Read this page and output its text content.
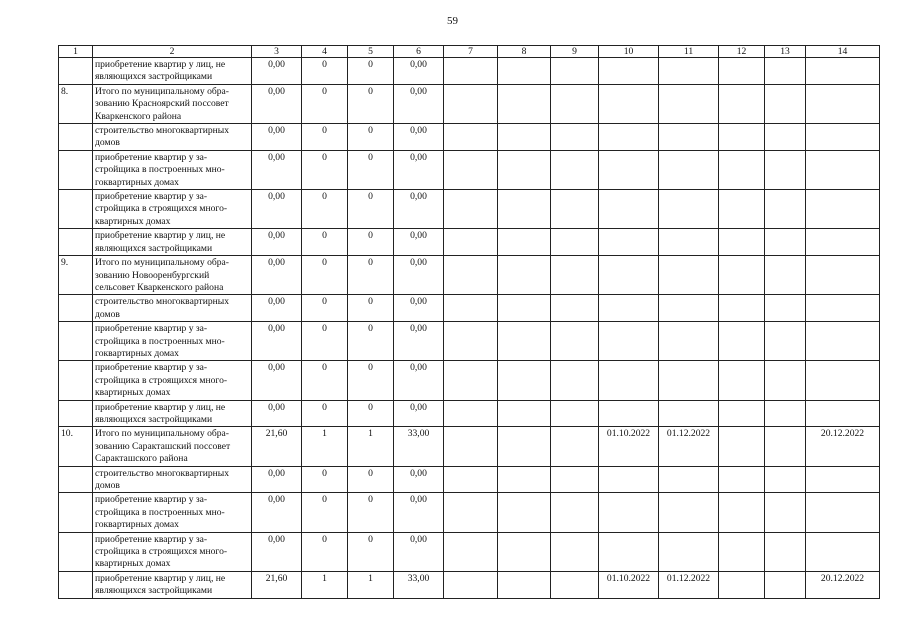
59
1	2	3	4	5	6	7	8	9	10	11	12	13	14
	приобретение квартир у лиц, не
являющихся застройщиками	0,00	0	0	0,00								
8.	Итого по муниципальному обра-
зованию Красноярский поссовет
Кваркенского района	0,00	0	0	0,00								
	строительство многоквартирных
домов	0,00	0	0	0,00								
	приобретение квартир у за-
стройщика в построенных мно-
гоквартирных домах	0,00	0	0	0,00								
	приобретение квартир у за-
стройщика в строящихся много-
квартирных домах	0,00	0	0	0,00								
	приобретение квартир у лиц, не
являющихся застройщиками	0,00	0	0	0,00								
9.	Итого по муниципальному обра-
зованию Новооренбургский
сельсовет Кваркенского района	0,00	0	0	0,00								
	строительство многоквартирных
домов	0,00	0	0	0,00								
	приобретение квартир у за-
стройщика в построенных мно-
гоквартирных домах	0,00	0	0	0,00								
	приобретение квартир у за-
стройщика в строящихся много-
квартирных домах	0,00	0	0	0,00								
	приобретение квартир у лиц, не
являющихся застройщиками	0,00	0	0	0,00								
10.	Итого по муниципальному обра-
зованию Саракташский поссовет
Саракташского района	21,60	1	1	33,00				01.10.2022	01.12.2022			20.12.2022
	строительство многоквартирных
домов	0,00	0	0	0,00								
	приобретение квартир у за-
стройщика в построенных мно-
гоквартирных домах	0,00	0	0	0,00								
	приобретение квартир у за-
стройщика в строящихся много-
квартирных домах	0,00	0	0	0,00								
	приобретение квартир у лиц, не
являющихся застройщиками	21,60	1	1	33,00				01.10.2022	01.12.2022			20.12.2022
